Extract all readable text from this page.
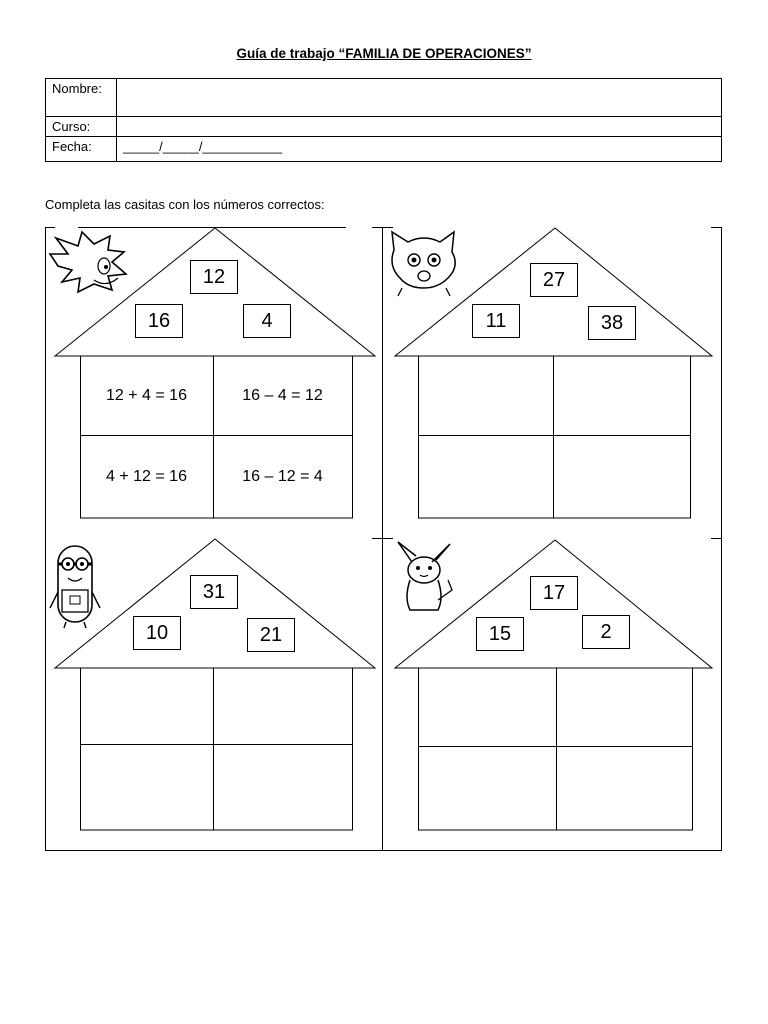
Guía de trabajo “FAMILIA DE OPERACIONES”
Nombre:	
Curso:	
Fecha:	_____/_____/___________
Completa las casitas con los números correctos:
12
16	4
12 + 4 = 16	16 – 4 = 12
4 + 12 = 16	16 – 12 = 4
27
11	38
31
10	21
17
15	2
